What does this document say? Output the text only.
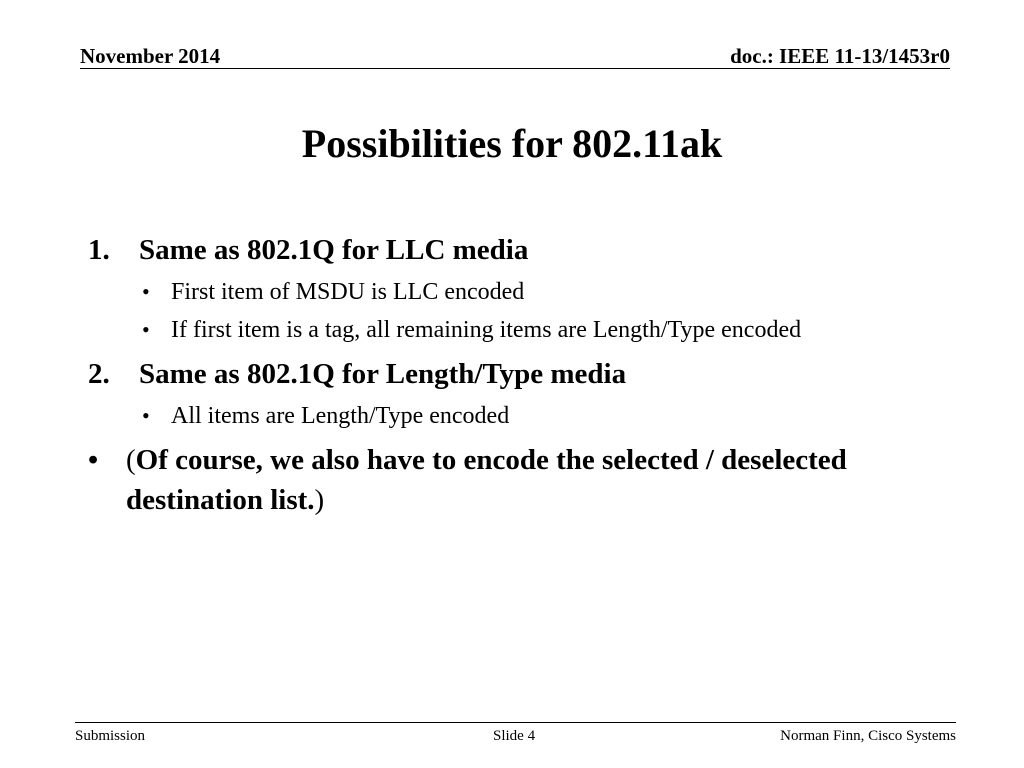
November 2014	doc.: IEEE 11-13/1453r0
Possibilities for 802.11ak
1. Same as 802.1Q for LLC media
• First item of MSDU is LLC encoded
• If first item is a tag, all remaining items are Length/Type encoded
2. Same as 802.1Q for Length/Type media
• All items are Length/Type encoded
• (Of course, we also have to encode the selected / deselected destination list.)
Submission	Slide 4	Norman Finn, Cisco Systems
